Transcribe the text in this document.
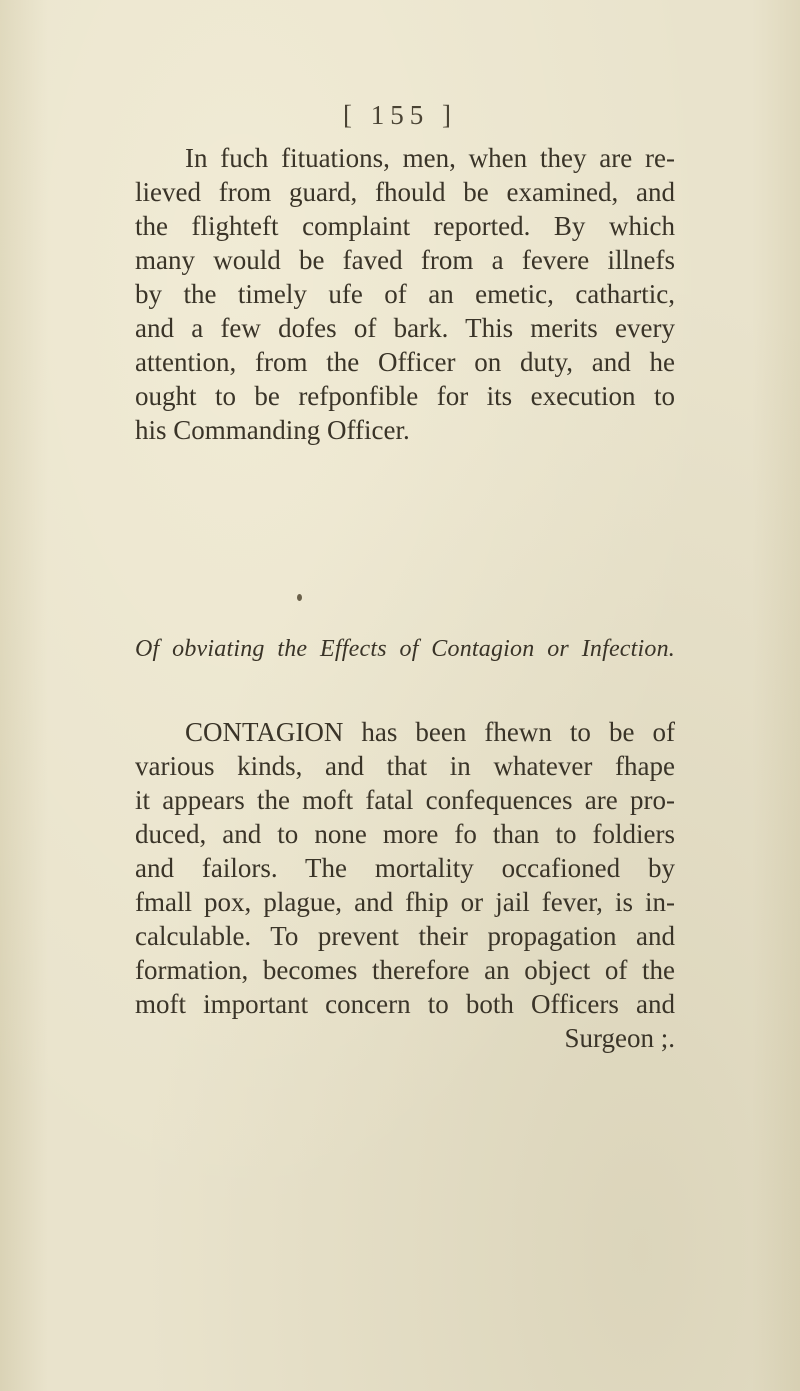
[ 155 ]
In fuch fituations, men, when they are re-
lieved from guard, fhould be examined, and
the flighteft complaint reported. By which
many would be faved from a fevere illnefs
by the timely ufe of an emetic, cathartic,
and a few dofes of bark. This merits every
attention, from the Officer on duty, and he
ought to be refponfible for its execution to
his Commanding Officer.
Of obviating the Effects of Contagion or Infection.
CONTAGION has been fhewn to be of
various kinds, and that in whatever fhape
it appears the moft fatal confequences are pro-
duced, and to none more fo than to foldiers
and failors. The mortality occafioned by
fmall pox, plague, and fhip or jail fever, is in-
calculable. To prevent their propagation and
formation, becomes therefore an object of the
moft important concern to both Officers and
Surgeon ;.
